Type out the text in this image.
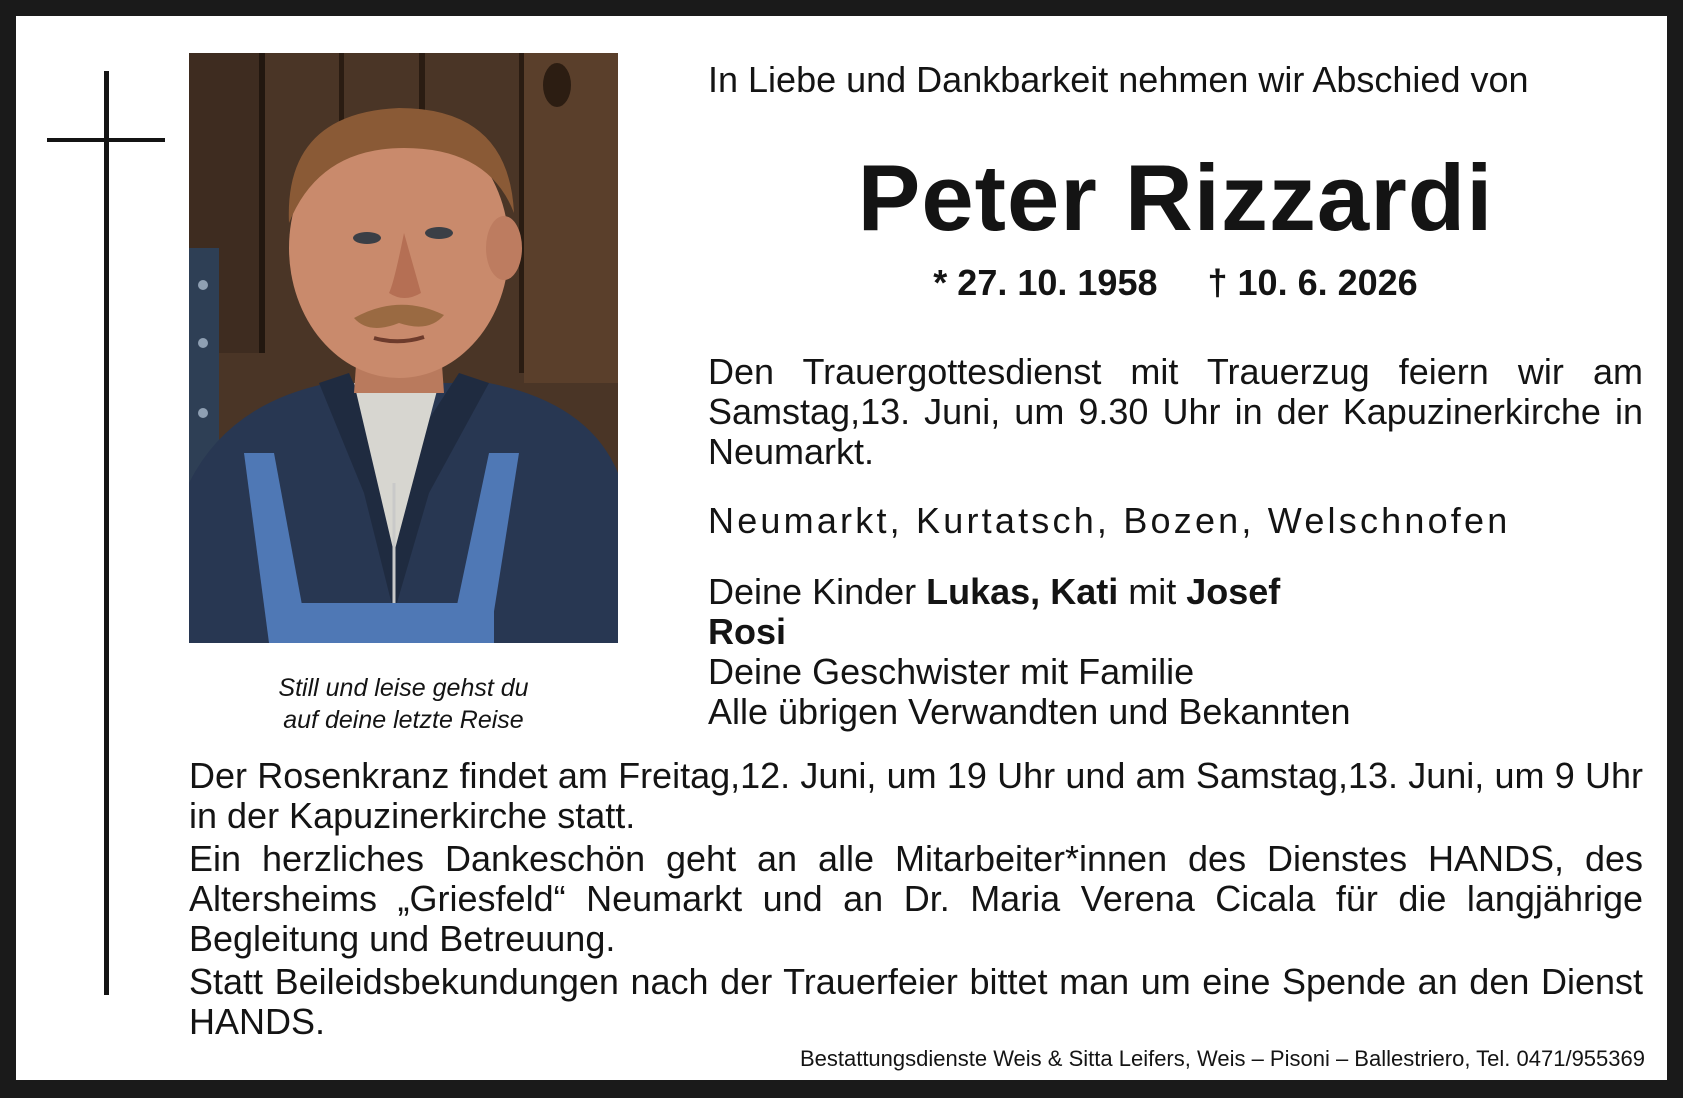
Still und leise gehst du
auf deine letzte Reise
In Liebe und Dankbarkeit nehmen wir Abschied von
Peter Rizzardi
* 27. 10. 1958 † 10. 6. 2026
Den Trauergottesdienst mit Trauerzug feiern wir am Samstag,13. Juni, um 9.30 Uhr in der Kapuzinerkirche in Neumarkt.
Neumarkt, Kurtatsch, Bozen, Welschnofen
Deine Kinder Lukas, Kati mit Josef
Rosi
Deine Geschwister mit Familie
Alle übrigen Verwandten und Bekannten

Der Rosenkranz findet am Freitag,12. Juni, um 19 Uhr und am Samstag,13. Juni, um 9 Uhr in der Kapuzinerkirche statt.

Ein herzliches Dankeschön geht an alle Mitarbeiter*innen des Dienstes HANDS, des Altersheims „Griesfeld“ Neumarkt und an Dr. Maria Verena Cicala für die langjährige Begleitung und Betreuung.

Statt Beileidsbekundungen nach der Trauerfeier bittet man um eine Spende an den Dienst HANDS.

Bestattungsdienste Weis & Sitta Leifers, Weis – Pisoni – Ballestriero, Tel. 0471/955369
